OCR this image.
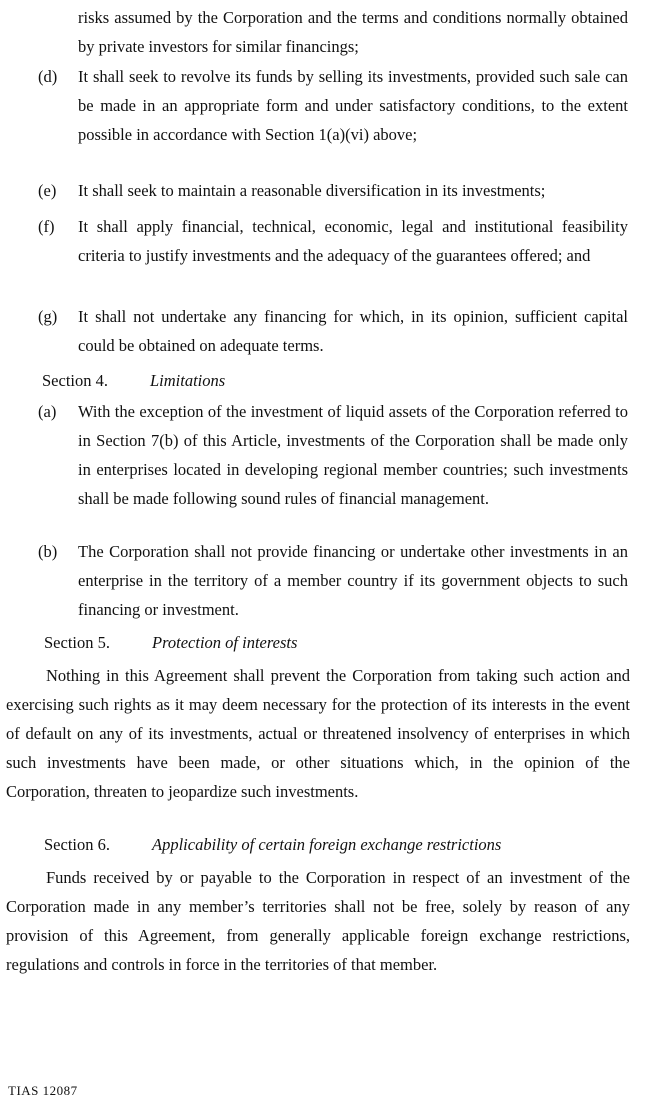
risks assumed by the Corporation and the terms and conditions normally obtained by private investors for similar financings;
(d)	It shall seek to revolve its funds by selling its investments, provided such sale can be made in an appropriate form and under satisfactory conditions, to the extent possible in accordance with Section 1(a)(vi) above;
(e)	It shall seek to maintain a reasonable diversification in its investments;
(f)	It shall apply financial, technical, economic, legal and institutional feasibility criteria to justify investments and the adequacy of the guarantees offered; and
(g)	It shall not undertake any financing for which, in its opinion, sufficient capital could be obtained on adequate terms.
Section 4.	Limitations
(a)	With the exception of the investment of liquid assets of the Corporation referred to in Section 7(b) of this Article, investments of the Corporation shall be made only in enterprises located in developing regional member countries; such investments shall be made following sound rules of financial management.
(b)	The Corporation shall not provide financing or undertake other investments in an enterprise in the territory of a member country if its government objects to such financing or investment.
Section 5.	Protection of interests
Nothing in this Agreement shall prevent the Corporation from taking such action and exercising such rights as it may deem necessary for the protection of its interests in the event of default on any of its investments, actual or threatened insolvency of enterprises in which such investments have been made, or other situations which, in the opinion of the Corporation, threaten to jeopardize such investments.
Section 6.	Applicability of certain foreign exchange restrictions
Funds received by or payable to the Corporation in respect of an investment of the Corporation made in any member’s territories shall not be free, solely by reason of any provision of this Agreement, from generally applicable foreign exchange restrictions, regulations and controls in force in the territories of that member.
TIAS 12087
